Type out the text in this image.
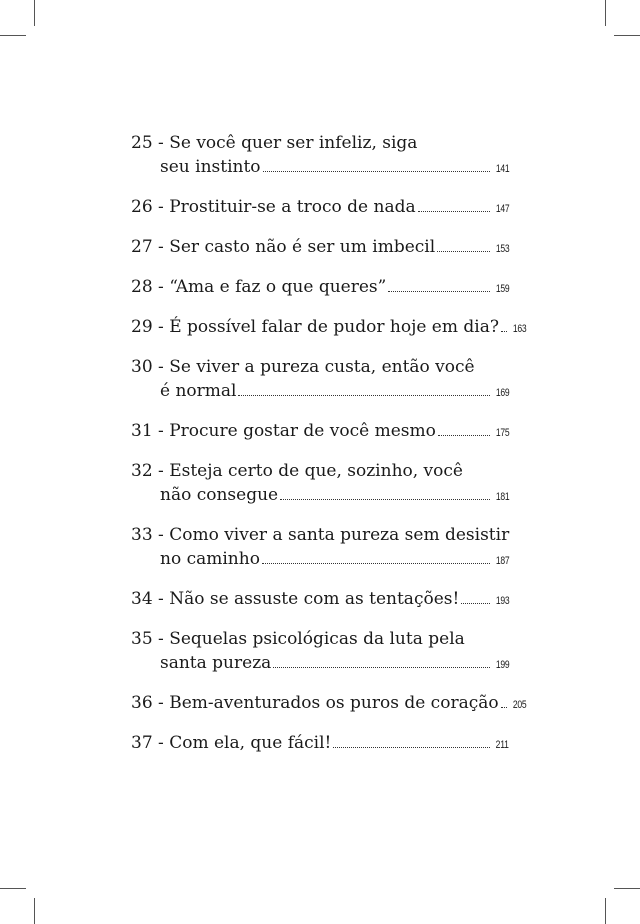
25 - Se você quer ser infeliz, siga
seu instinto	141
26 - Prostituir-se a troco de nada	147
27 - Ser casto não é ser um imbecil	153
28 - “Ama e faz o que queres”	159
29 - É possível falar de pudor hoje em dia? 163
30 - Se viver a pureza custa, então você
é normal	169
31 - Procure gostar de você mesmo	175
32 - Esteja certo de que, sozinho, você
não consegue	181
33 - Como viver a santa pureza sem desistir
no caminho	187
34 - Não se assuste com as tentações!	193
35 - Sequelas psicológicas da luta pela
santa pureza	199
36 - Bem-aventurados os puros de coração 205
37 - Com ela, que fácil!	211
